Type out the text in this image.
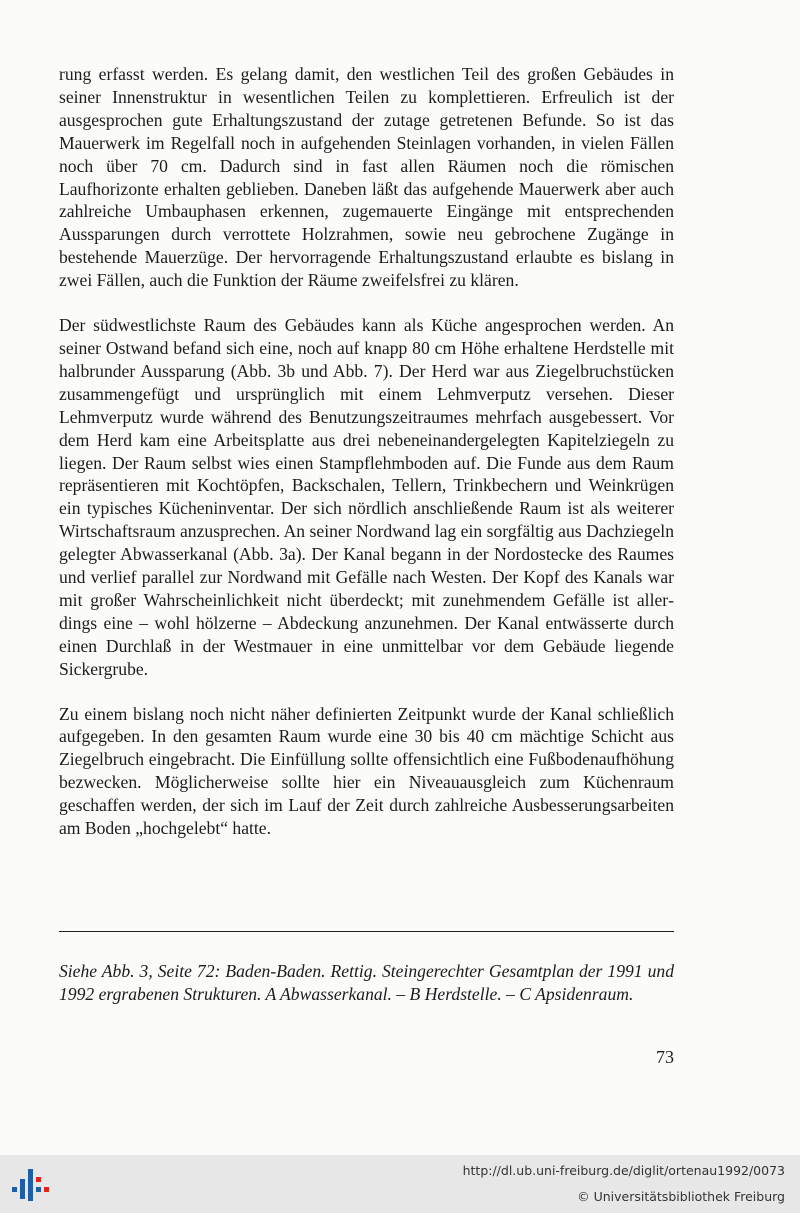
rung erfasst werden. Es gelang damit, den westlichen Teil des großen Gebäudes in seiner Innenstruktur in wesentlichen Teilen zu komplettieren. Erfreulich ist der ausgesprochen gute Erhaltungszustand der zutage getretenen Befunde. So ist das Mauerwerk im Regelfall noch in aufgehenden Steinlagen vorhanden, in vielen Fällen noch über 70 cm. Dadurch sind in fast allen Räumen noch die römischen Laufhorizonte erhalten geblieben. Daneben läßt das aufgehende Mauerwerk aber auch zahlreiche Umbauphasen erkennen, zugemauerte Eingänge mit entsprechenden Aussparungen durch verrottete Holzrahmen, sowie neu gebrochene Zugänge in bestehende Mauerzüge. Der hervorragende Erhaltungszustand erlaubte es bislang in zwei Fällen, auch die Funktion der Räume zweifelsfrei zu klären.

Der südwestlichste Raum des Gebäudes kann als Küche angesprochen werden. An seiner Ostwand befand sich eine, noch auf knapp 80 cm Höhe erhaltene Herdstelle mit halbrunder Aussparung (Abb. 3b und Abb. 7). Der Herd war aus Ziegelbruchstücken zusammengefügt und ursprünglich mit einem Lehmverputz versehen. Dieser Lehmverputz wurde während des Benutzungszeitraumes mehrfach ausgebessert. Vor dem Herd kam eine Arbeitsplatte aus drei nebeneinandergelegten Kapitelziegeln zu liegen. Der Raum selbst wies einen Stampflehmboden auf. Die Funde aus dem Raum repräsentieren mit Kochtöpfen, Backschalen, Tellern, Trinkbechern und Weinkrügen ein typisches Kücheninventar. Der sich nördlich anschließende Raum ist als weiterer Wirtschaftsraum anzusprechen. An seiner Nordwand lag ein sorgfältig aus Dachziegeln gelegter Abwasserkanal (Abb. 3a). Der Kanal begann in der Nordostecke des Raumes und verlief parallel zur Nordwand mit Gefälle nach Westen. Der Kopf des Kanals war mit großer Wahrscheinlichkeit nicht überdeckt; mit zunehmendem Gefälle ist allerdings eine – wohl hölzerne – Abdeckung anzunehmen. Der Kanal entwässerte durch einen Durchlaß in der Westmauer in eine unmittelbar vor dem Gebäude liegende Sickergrube.

Zu einem bislang noch nicht näher definierten Zeitpunkt wurde der Kanal schließlich aufgegeben. In den gesamten Raum wurde eine 30 bis 40 cm mächtige Schicht aus Ziegelbruch eingebracht. Die Einfüllung sollte offensichtlich eine Fußbodenaufhöhung bezwecken. Möglicherweise sollte hier ein Niveauausgleich zum Küchenraum geschaffen werden, der sich im Lauf der Zeit durch zahlreiche Ausbesserungsarbeiten am Boden „hochgelebt“ hatte.

Siehe Abb. 3, Seite 72: Baden-Baden. Rettig. Steingerechter Gesamtplan der 1991 und 1992 ergrabenen Strukturen. A Abwasserkanal. – B Herdstelle. – C Apsidenraum.
73
http://dl.ub.uni-freiburg.de/diglit/ortenau1992/0073
© Universitätsbibliothek Freiburg
